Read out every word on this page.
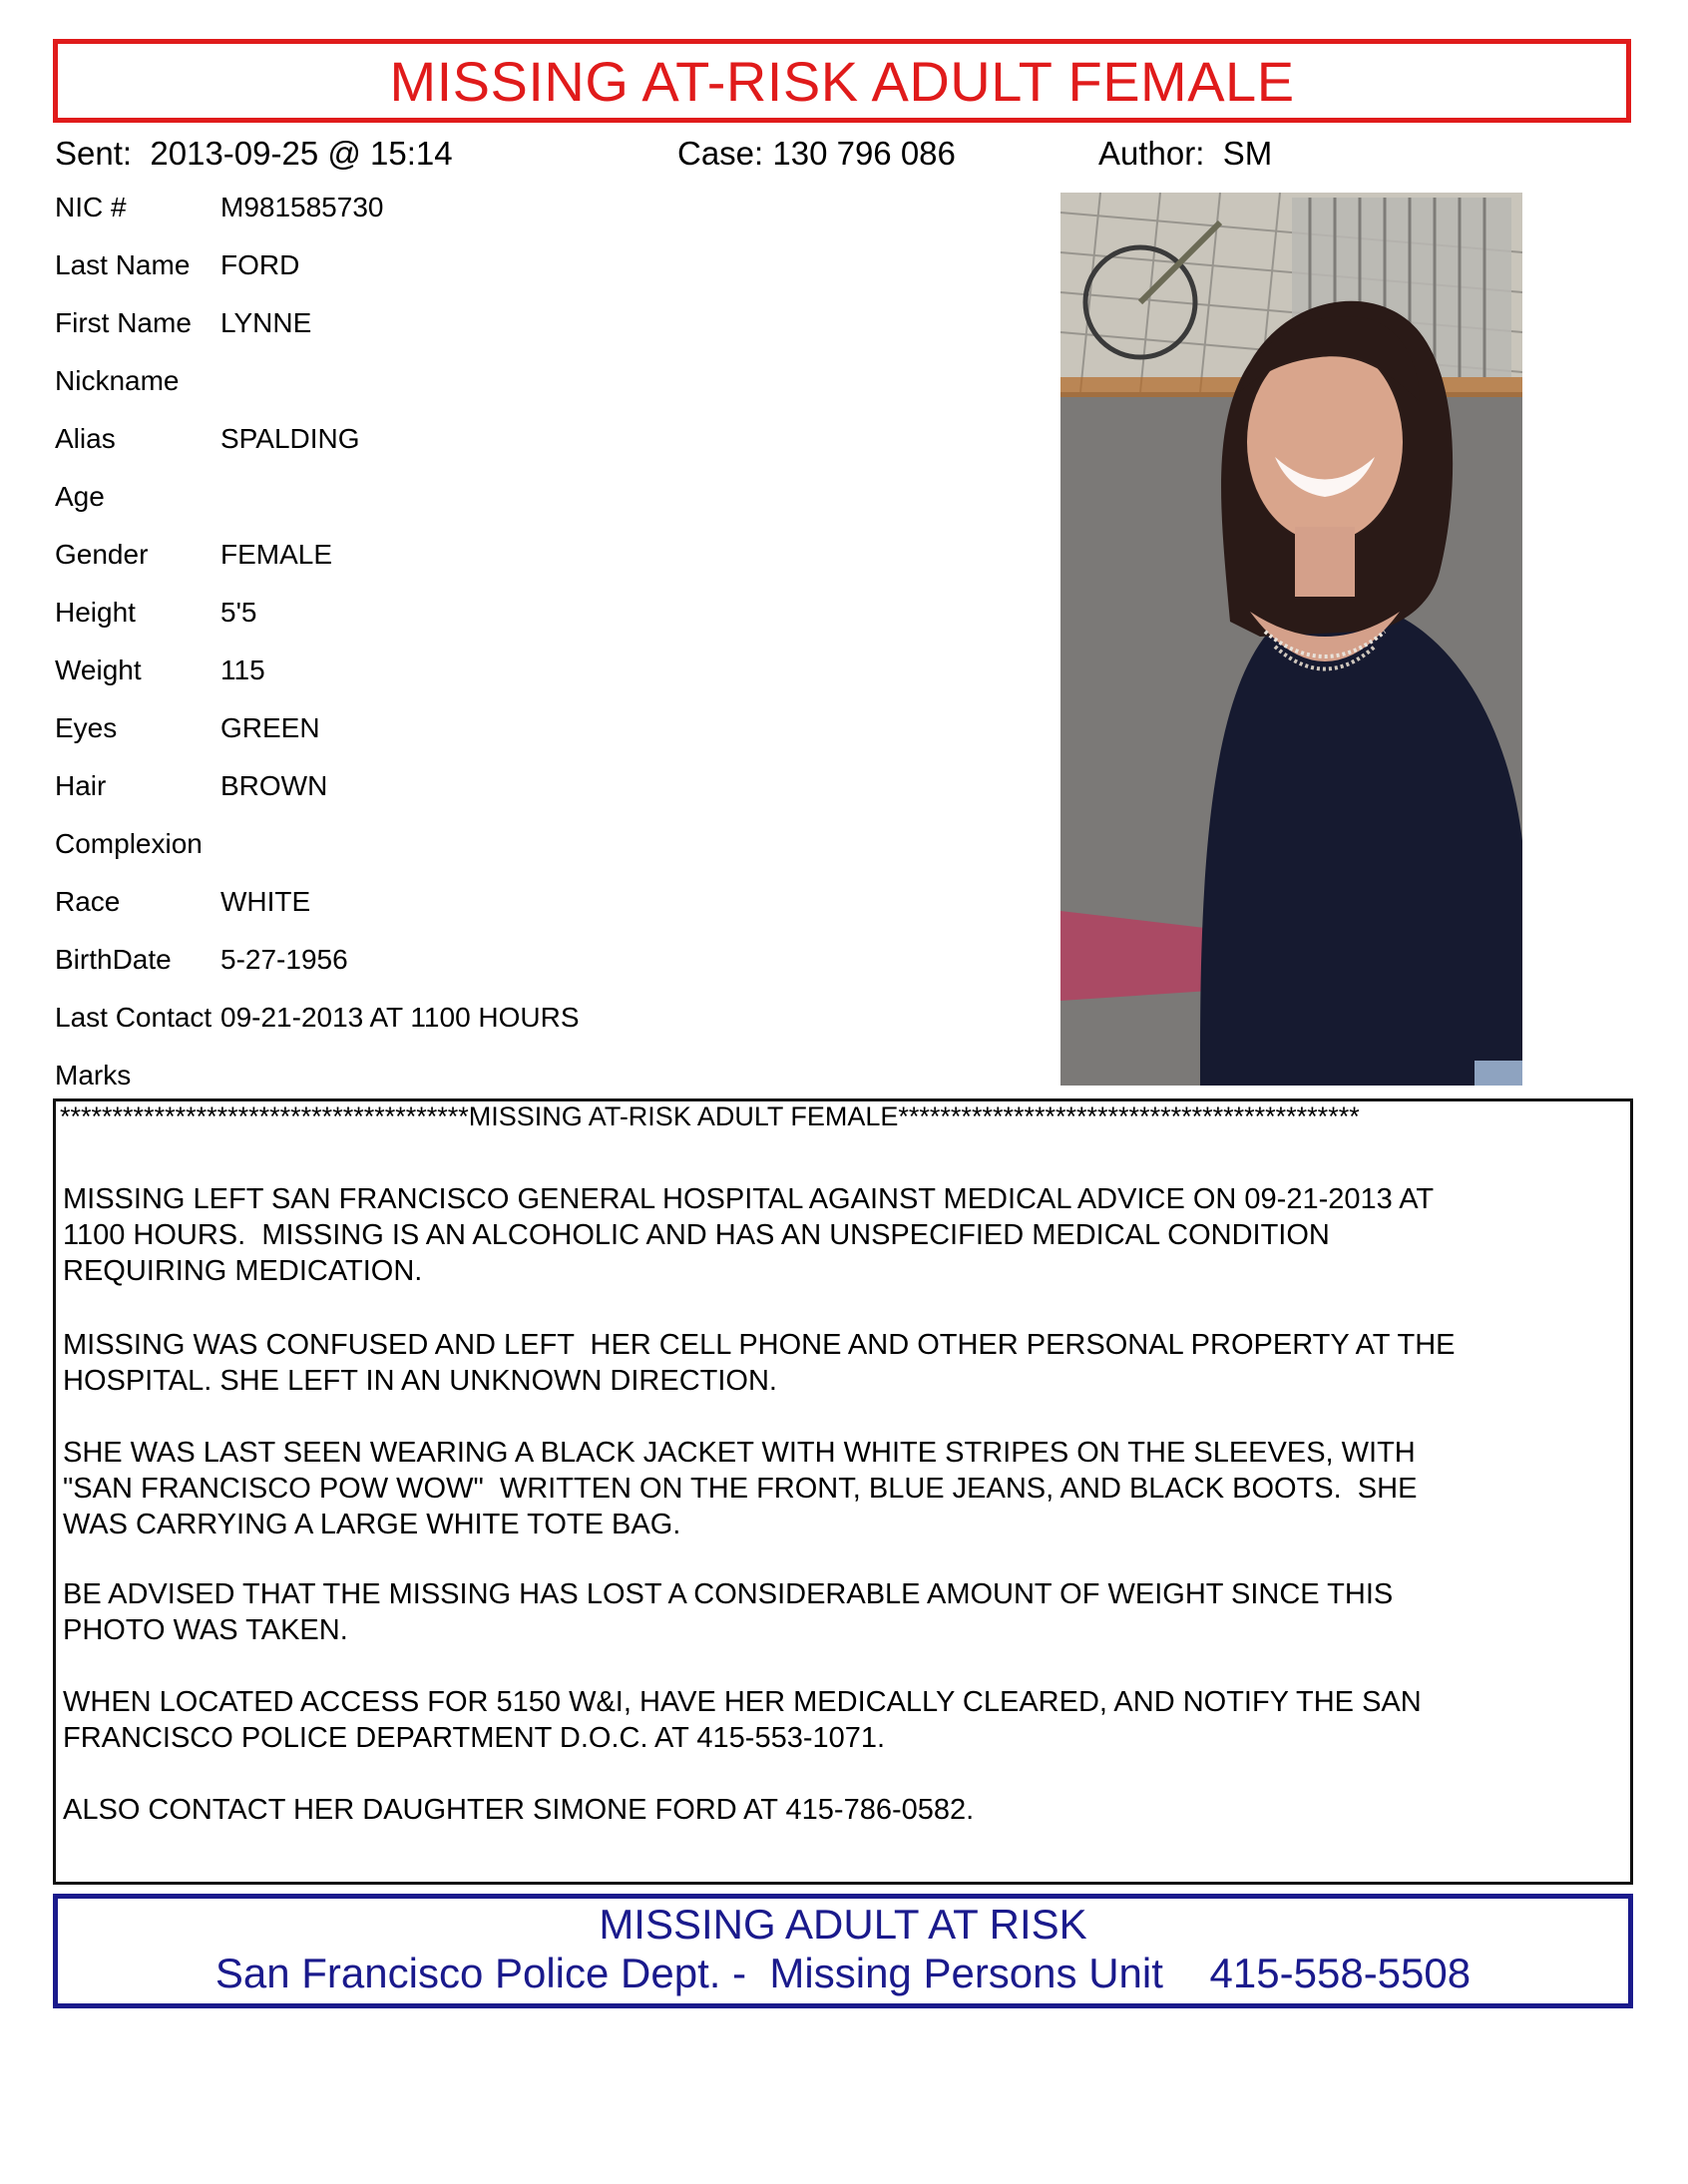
MISSING AT-RISK ADULT FEMALE
Sent:  2013-09-25 @ 15:14	Case: 130 796 086	Author:  SM
NIC #	M981585730
Last Name FORD
First Name LYNNE
Nickname
Alias	SPALDING
Age
Gender	FEMALE
Height	5'5
Weight	115
Eyes	GREEN
Hair	BROWN
Complexion
Race	WHITE
BirthDate 5-27-1956
Last Contact 09-21-2013 AT 1100 HOURS
Marks
***************************************MISSING AT-RISK ADULT FEMALE********************************************
MISSING LEFT SAN FRANCISCO GENERAL HOSPITAL AGAINST MEDICAL ADVICE ON 09-21-2013 AT
1100 HOURS.  MISSING IS AN ALCOHOLIC AND HAS AN UNSPECIFIED MEDICAL CONDITION
REQUIRING MEDICATION.
MISSING WAS CONFUSED AND LEFT  HER CELL PHONE AND OTHER PERSONAL PROPERTY AT THE
HOSPITAL. SHE LEFT IN AN UNKNOWN DIRECTION.
SHE WAS LAST SEEN WEARING A BLACK JACKET WITH WHITE STRIPES ON THE SLEEVES, WITH
"SAN FRANCISCO POW WOW"  WRITTEN ON THE FRONT, BLUE JEANS, AND BLACK BOOTS.  SHE
WAS CARRYING A LARGE WHITE TOTE BAG.
BE ADVISED THAT THE MISSING HAS LOST A CONSIDERABLE AMOUNT OF WEIGHT SINCE THIS
PHOTO WAS TAKEN.
WHEN LOCATED ACCESS FOR 5150 W&I, HAVE HER MEDICALLY CLEARED, AND NOTIFY THE SAN
FRANCISCO POLICE DEPARTMENT D.O.C. AT 415-553-1071.
ALSO CONTACT HER DAUGHTER SIMONE FORD AT 415-786-0582.
MISSING ADULT AT RISK
San Francisco Police Dept. -  Missing Persons Unit    415-558-5508
